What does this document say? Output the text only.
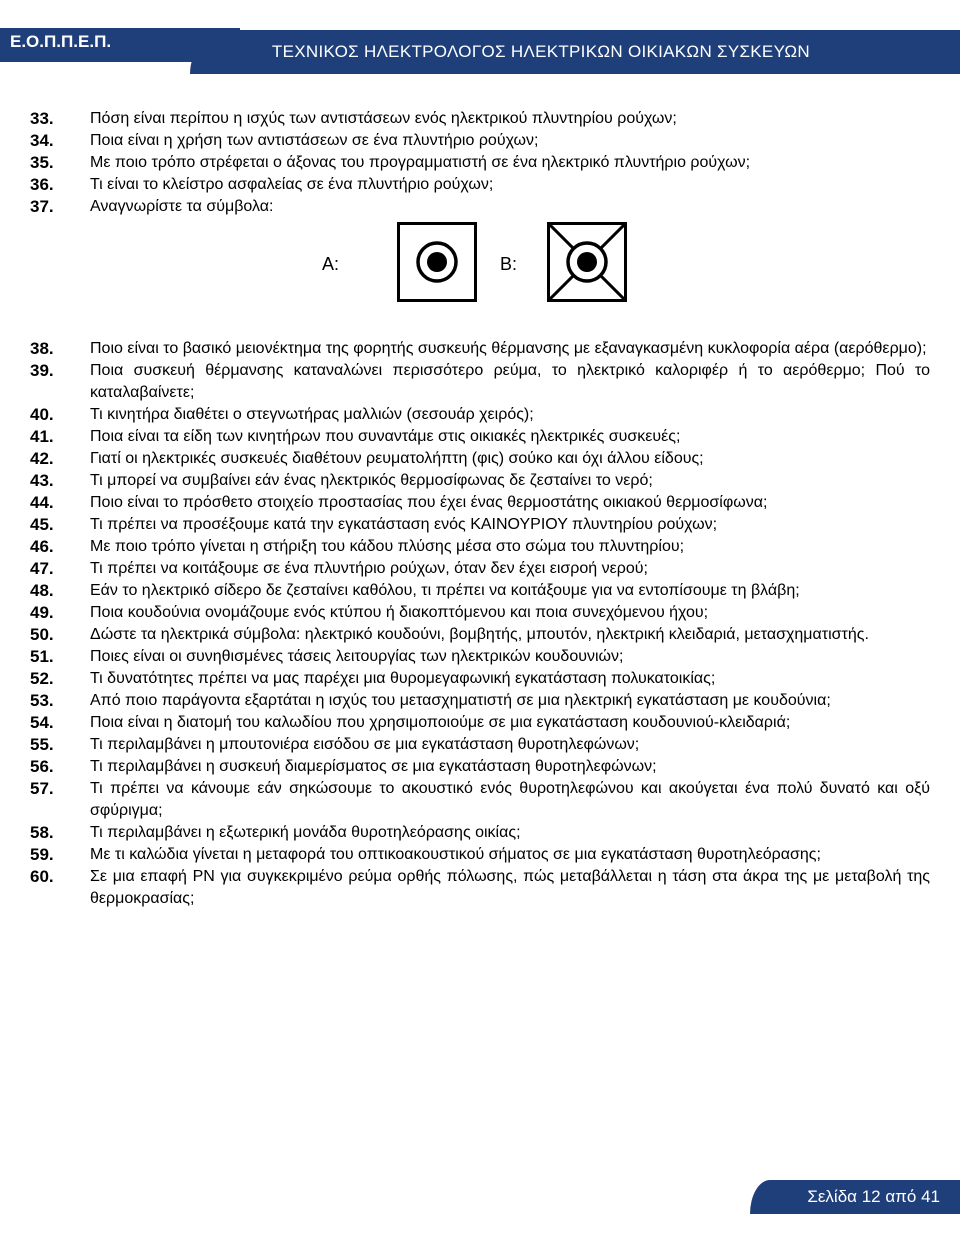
ΤΕΧΝΙΚΟΣ ΗΛΕΚΤΡΟΛΟΓΟΣ ΗΛΕΚΤΡΙΚΩΝ ΟΙΚΙΑΚΩΝ ΣΥΣΚΕΥΩΝ
Ε.Ο.Π.Π.Ε.Π.
33.	Πόση είναι περίπου η ισχύς των αντιστάσεων ενός ηλεκτρικού πλυντηρίου ρούχων;
34.	Ποια είναι η χρήση των αντιστάσεων σε ένα πλυντήριο ρούχων;
35.	Με ποιο τρόπο στρέφεται ο άξονας του προγραμματιστή σε ένα ηλεκτρικό πλυντήριο ρούχων;
36.	Τι είναι το κλείστρο ασφαλείας σε ένα πλυντήριο ρούχων;
37.	Αναγνωρίστε τα σύμβολα:
Α:	Β:
38.	Ποιο είναι το βασικό μειονέκτημα της φορητής συσκευής θέρμανσης με εξαναγκασμένη κυκλοφορία αέρα (αερόθερμο);
39.	Ποια συσκευή θέρμανσης καταναλώνει περισσότερο ρεύμα, το ηλεκτρικό καλοριφέρ ή το αερόθερμο; Πού το καταλαβαίνετε;
40.	Τι κινητήρα διαθέτει ο στεγνωτήρας μαλλιών (σεσουάρ χειρός);
41.	Ποια είναι τα είδη των κινητήρων που συναντάμε στις οικιακές ηλεκτρικές συσκευές;
42.	Γιατί οι ηλεκτρικές συσκευές διαθέτουν ρευματολήπτη (φις) σούκο και όχι άλλου είδους;
43.	Τι μπορεί να συμβαίνει εάν ένας ηλεκτρικός θερμοσίφωνας δε ζεσταίνει το νερό;
44.	Ποιο είναι το πρόσθετο στοιχείο προστασίας που έχει ένας θερμοστάτης οικιακού θερμοσίφωνα;
45.	Τι πρέπει να προσέξουμε κατά την εγκατάσταση ενός ΚΑΙΝΟΥΡΙΟΥ πλυντηρίου ρούχων;
46.	Με ποιο τρόπο γίνεται η στήριξη του κάδου πλύσης μέσα στο σώμα του πλυντηρίου;
47.	Τι πρέπει να κοιτάξουμε σε ένα πλυντήριο ρούχων, όταν δεν έχει εισροή νερού;
48.	Εάν το ηλεκτρικό σίδερο δε ζεσταίνει καθόλου, τι πρέπει να κοιτάξουμε για να εντοπίσουμε τη βλάβη;
49.	Ποια κουδούνια ονομάζουμε ενός κτύπου ή διακοπτόμενου και ποια συνεχόμενου ήχου;
50.	Δώστε τα ηλεκτρικά σύμβολα: ηλεκτρικό κουδούνι, βομβητής, μπουτόν, ηλεκτρική κλειδαριά, μετασχηματιστής.
51.	Ποιες είναι οι συνηθισμένες τάσεις λειτουργίας των ηλεκτρικών κουδουνιών;
52.	Τι δυνατότητες πρέπει να μας παρέχει μια θυρομεγαφωνική εγκατάσταση πολυκατοικίας;
53.	Από ποιο παράγοντα εξαρτάται η ισχύς του μετασχηματιστή σε μια ηλεκτρική εγκατάσταση με κουδούνια;
54.	Ποια είναι η διατομή του καλωδίου που χρησιμοποιούμε σε μια εγκατάσταση κουδουνιού-κλειδαριά;
55.	Τι περιλαμβάνει η μπουτονιέρα εισόδου σε μια εγκατάσταση θυροτηλεφώνων;
56.	Τι περιλαμβάνει η συσκευή διαμερίσματος σε μια εγκατάσταση θυροτηλεφώνων;
57.	Τι πρέπει να κάνουμε εάν σηκώσουμε το ακουστικό ενός θυροτηλεφώνου και ακούγεται ένα πολύ δυνατό και οξύ σφύριγμα;
58.	Τι περιλαμβάνει η εξωτερική μονάδα θυροτηλεόρασης οικίας;
59.	Με τι καλώδια γίνεται η μεταφορά του οπτικοακουστικού σήματος σε μια εγκατάσταση θυροτηλεόρασης;
60.	Σε μια επαφή PN για συγκεκριμένο ρεύμα ορθής πόλωσης, πώς μεταβάλλεται η τάση στα άκρα της με μεταβολή της θερμοκρασίας;
Σελίδα 12 από 41
